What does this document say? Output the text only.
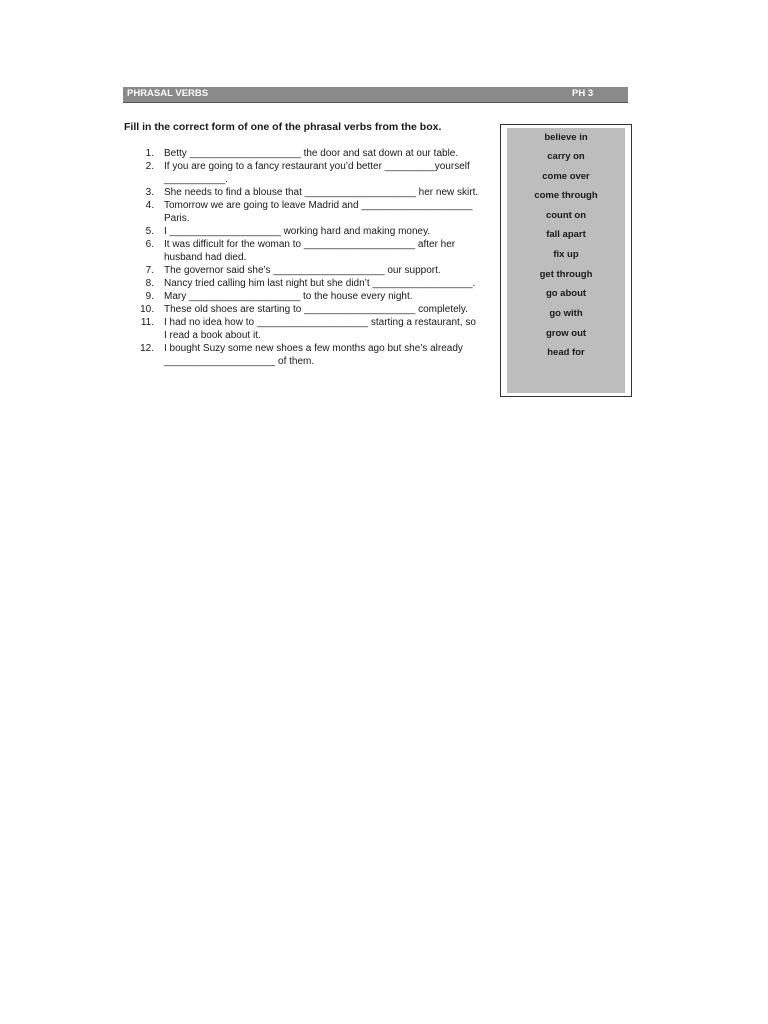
PHRASAL VERBS	PH 3
Fill in the correct form of one of the phrasal verbs from the box.
1. Betty ____________________ the door and sat down at our table.
2. If you are going to a fancy restaurant you’d better _________yourself
___________.
3. She needs to find a blouse that ____________________ her new skirt.
4. Tomorrow we are going to leave Madrid and ____________________
Paris.
5. I ____________________ working hard and making money.
6. It was difficult for the woman to ____________________ after her
husband had died.
7. The governor said she’s ____________________ our support.
8. Nancy tried calling him last night but she didn’t __________________.
9. Mary ____________________ to the house every night.
10. These old shoes are starting to ____________________ completely.
11. I had no idea how to ____________________ starting a restaurant, so
I read a book about it.
12. I bought Suzy some new shoes a few months ago but she’s already
____________________ of them.
believe in
carry on
come over
come through
count on
fall apart
fix up
get through
go about
go with
grow out
head for
